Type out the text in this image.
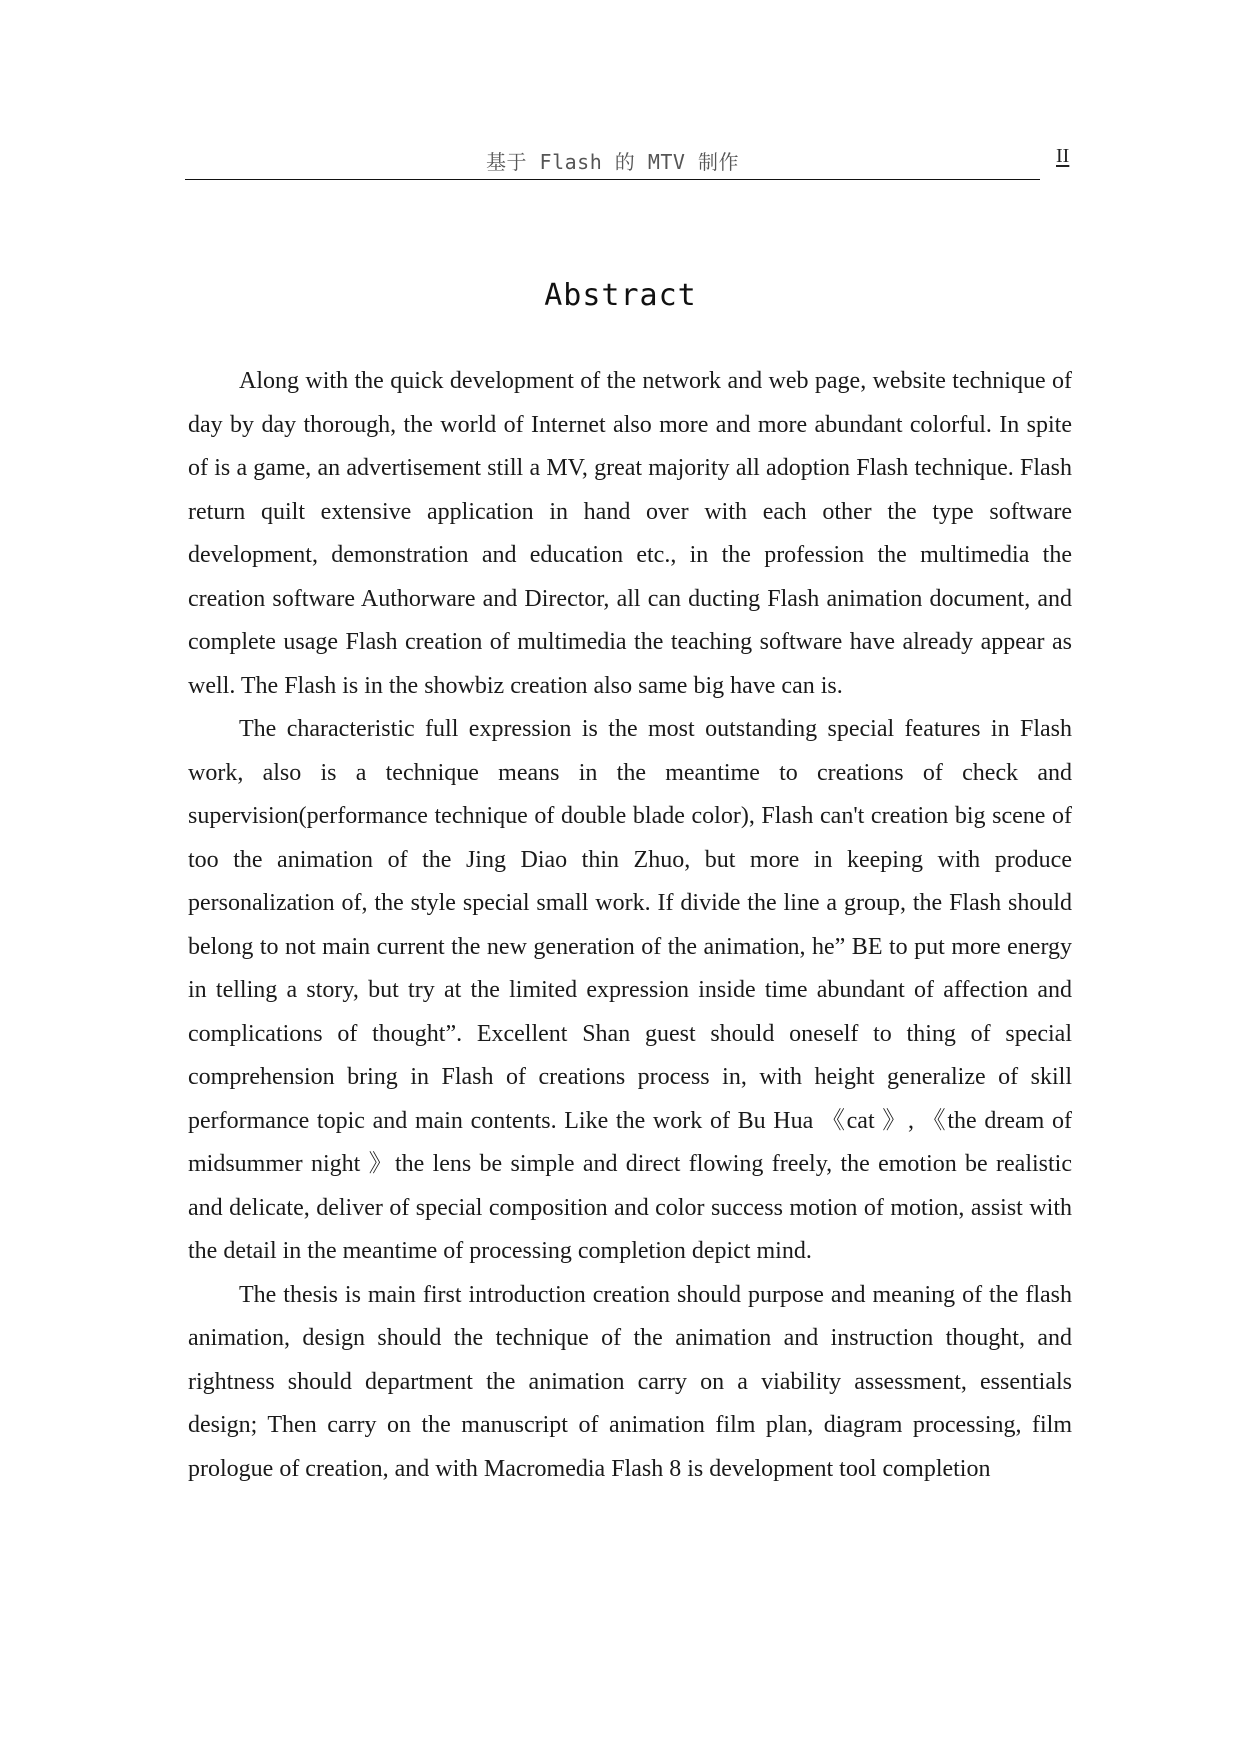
基于 Flash 的 MTV 制作	II
Abstract

Along with the quick development of the network and web page, website technique of day by day thorough, the world of Internet also more and more abundant colorful. In spite of is a game, an advertisement still a MV, great majority all adoption Flash technique. Flash return quilt extensive application in hand over with each other the type software development, demonstration and education etc., in the profession the multimedia the creation software Authorware and Director, all can ducting Flash animation document, and complete usage Flash creation of multimedia the teaching software have already appear as well. The Flash is in the showbiz creation also same big have can is.

The characteristic full expression is the most outstanding special features in Flash work, also is a technique means in the meantime to creations of check and supervision(performance technique of double blade color), Flash can't creation big scene of too the animation of the Jing Diao thin Zhuo, but more in keeping with produce personalization of, the style special small work. If divide the line a group, the Flash should belong to not main current the new generation of the animation, he” BE to put more energy in telling a story, but try at the limited expression inside time abundant of affection and complications of thought”. Excellent Shan guest should oneself to thing of special comprehension bring in Flash of creations process in, with height generalize of skill performance topic and main contents. Like the work of Bu Hua 《cat 》, 《the dream of midsummer night 》the lens be simple and direct flowing freely, the emotion be realistic and delicate, deliver of special composition and color success motion of motion, assist with the detail in the meantime of processing completion depict mind.

The thesis is main first introduction creation should purpose and meaning of the flash animation, design should the technique of the animation and instruction thought, and rightness should department the animation carry on a viability assessment, essentials design; Then carry on the manuscript of animation film plan, diagram processing, film prologue of creation, and with Macromedia Flash 8 is development tool completion
